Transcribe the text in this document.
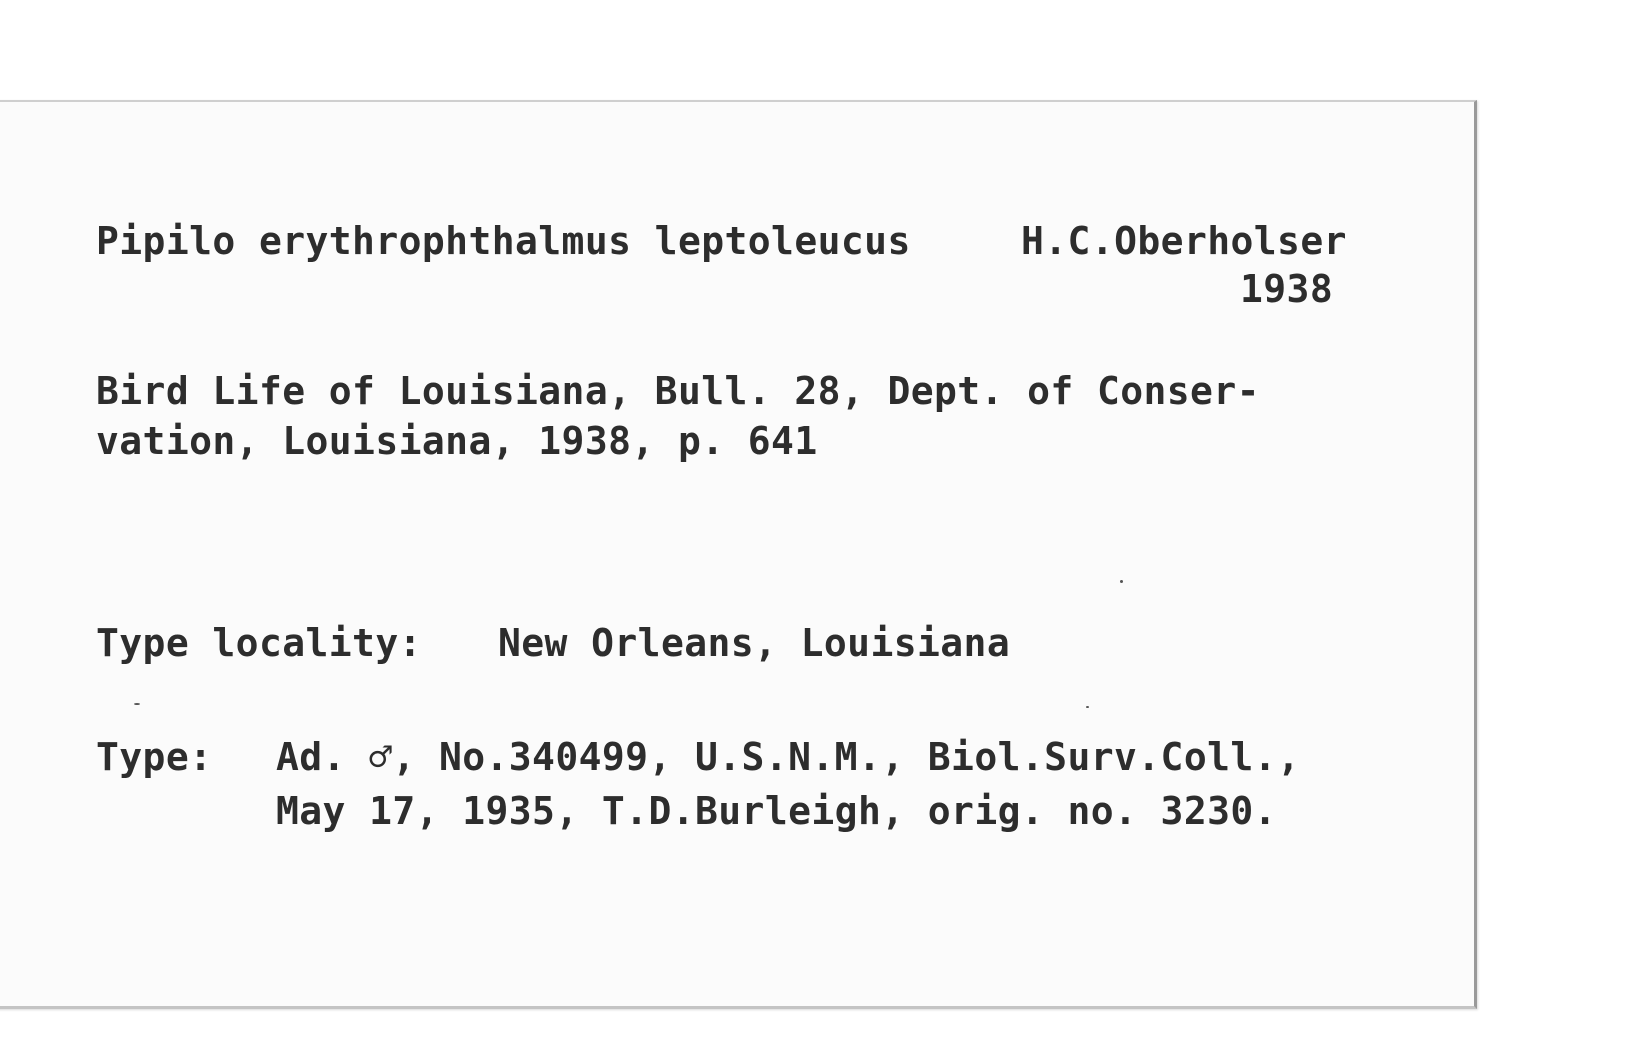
Pipilo erythrophthalmus leptoleucus	H.C.Oberholser
1938
Bird Life of Louisiana, Bull. 28, Dept. of Conser-
vation, Louisiana, 1938, p. 641
Type locality: New Orleans, Louisiana
Type: Ad. ♂, No.340499, U.S.N.M., Biol.Surv.Coll.,
May 17, 1935, T.D.Burleigh, orig. no. 3230.
